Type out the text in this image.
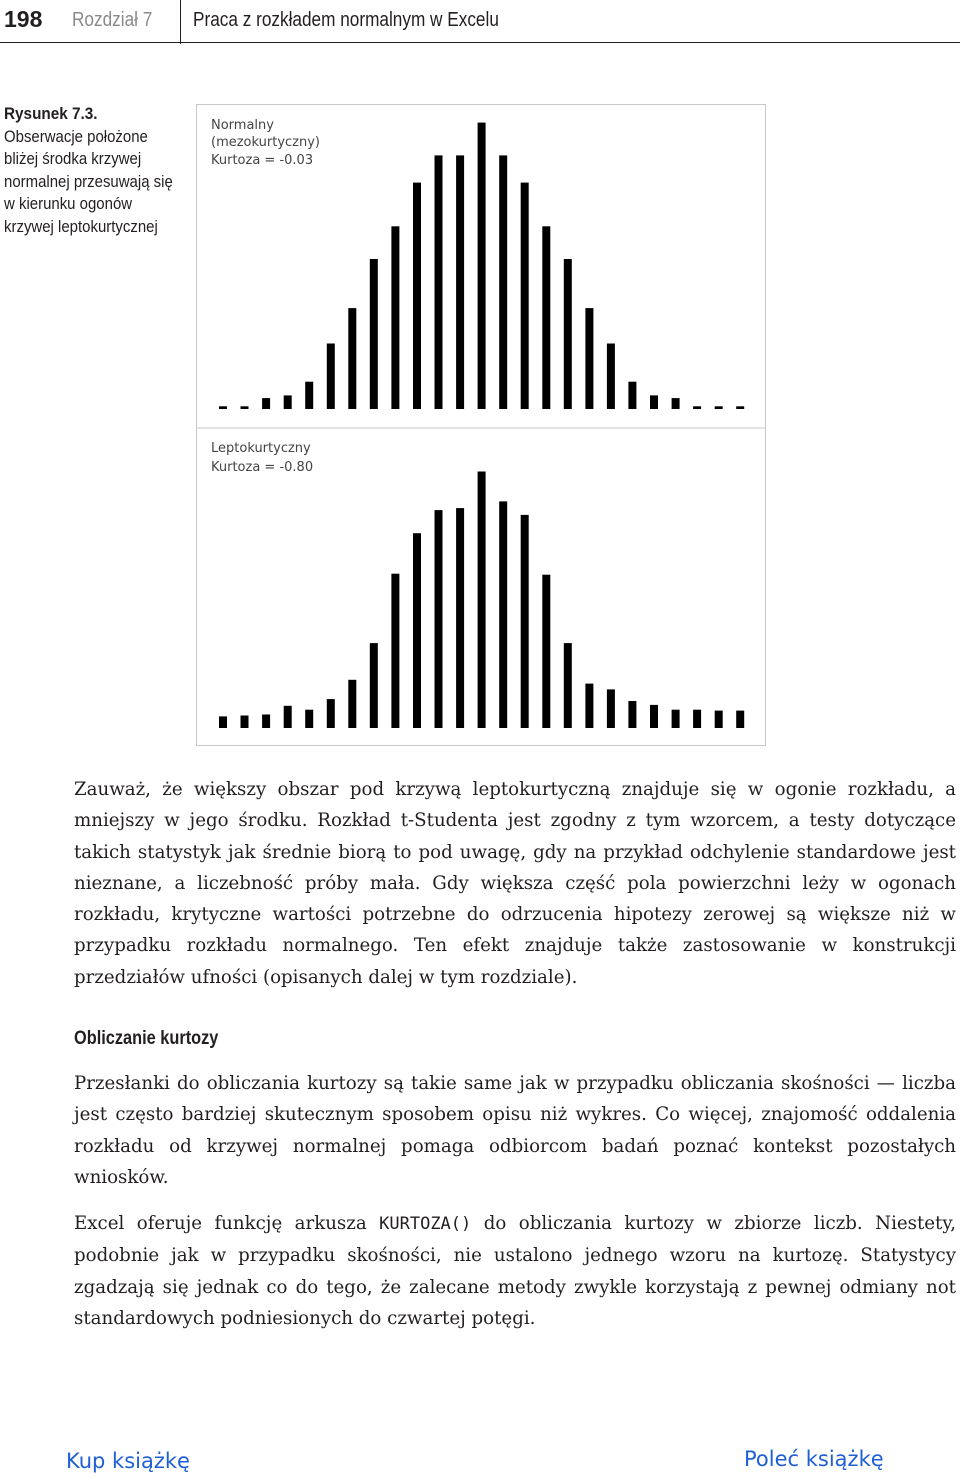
198 Rozdział 7 Praca z rozkładem normalnym w Excelu
Rysunek 7.3.
Obserwacje położone bliżej środka krzywej normalnej przesuwają się w kierunku ogonów krzywej leptokurtycznej
Normalny
(mezokurtyczny)
Kurtoza = -0.03
Leptokurtyczny
Kurtoza = -0.80

Zauważ, że większy obszar pod krzywą leptokurtyczną znajduje się w ogonie rozkładu, a mniejszy w jego środku. Rozkład t-Studenta jest zgodny z tym wzorcem, a testy dotyczące takich statystyk jak średnie biorą to pod uwagę, gdy na przykład odchylenie standardowe jest nieznane, a liczebność próby mała. Gdy większa część pola powierzchni leży w ogonach rozkładu, krytyczne wartości potrzebne do odrzucenia hipotezy zerowej są większe niż w przypadku rozkładu normalnego. Ten efekt znajduje także zastosowanie w konstrukcji przedziałów ufności (opisanych dalej w tym rozdziale).

Obliczanie kurtozy

Przesłanki do obliczania kurtozy są takie same jak w przypadku obliczania skośności — liczba jest często bardziej skutecznym sposobem opisu niż wykres. Co więcej, znajomość oddalenia rozkładu od krzywej normalnej pomaga odbiorcom badań poznać kontekst pozostałych wniosków.

Excel oferuje funkcję arkusza KURTOZA() do obliczania kurtozy w zbiorze liczb. Niestety, podobnie jak w przypadku skośności, nie ustalono jednego wzoru na kurtozę. Statystycy zgadzają się jednak co do tego, że zalecane metody zwykle korzystają z pewnej odmiany not standardowych podniesionych do czwartej potęgi.

Kup książkę	Poleć książkę
